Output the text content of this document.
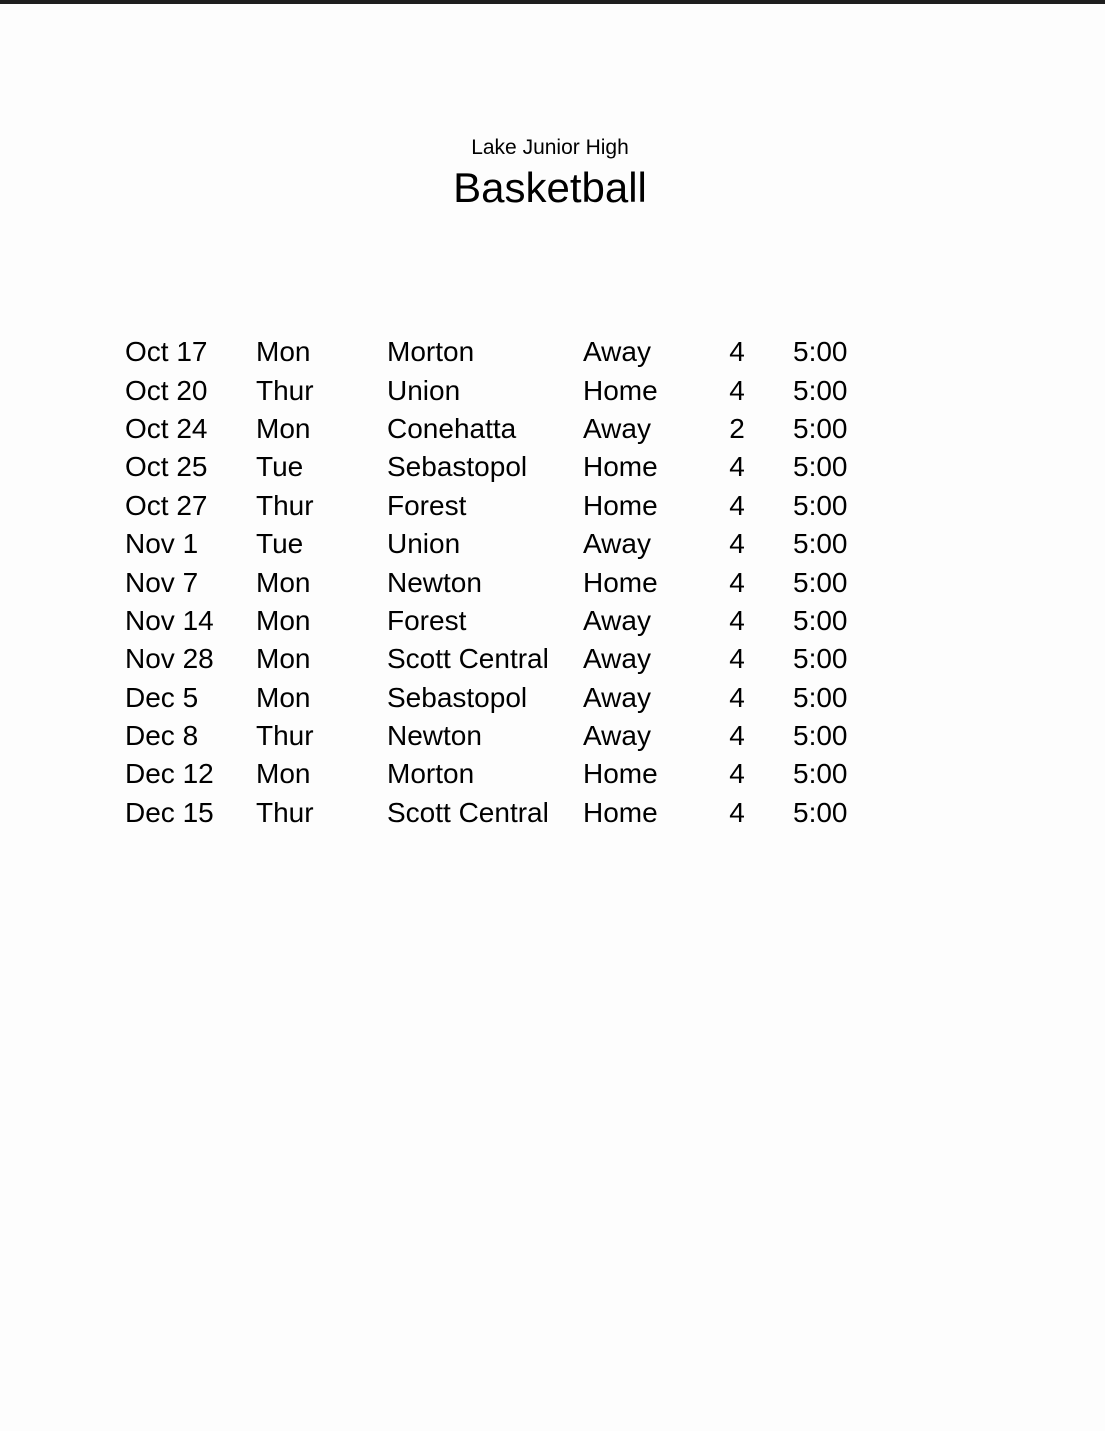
Lake Junior High

Basketball
Oct 17	Mon	Morton	Away	4	5:00
Oct 20	Thur	Union	Home	4	5:00
Oct 24	Mon	Conehatta	Away	2	5:00
Oct 25	Tue	Sebastopol	Home	4	5:00
Oct 27	Thur	Forest	Home	4	5:00
Nov 1	Tue	Union	Away	4	5:00
Nov 7	Mon	Newton	Home	4	5:00
Nov 14	Mon	Forest	Away	4	5:00
Nov 28	Mon	Scott Central	Away	4	5:00
Dec 5	Mon	Sebastopol	Away	4	5:00
Dec 8	Thur	Newton	Away	4	5:00
Dec 12	Mon	Morton	Home	4	5:00
Dec 15	Thur	Scott Central	Home	4	5:00
